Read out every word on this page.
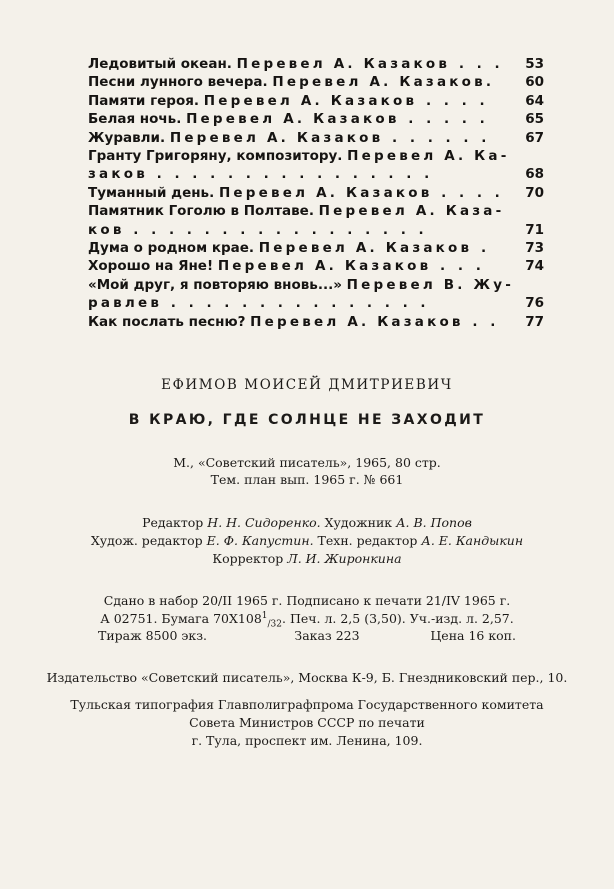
Ледовитый океан. Перевел А. Казаков . . .	53
Песни лунного вечера. Перевел А. Казаков.	60
Памяти героя. Перевел А. Казаков . . . .	64
Белая ночь. Перевел А. Казаков . . . . .	65
Журавли. Перевел А. Казаков . . . . . .	67
Гранту Григоряну, композитору. Перевел А. Ка-
заков . . . . . . . . . . . . . . . .	68
Туманный день. Перевел А. Казаков . . . .	70
Памятник Гоголю в Полтаве. Перевел А. Каза-
ков . . . . . . . . . . . . . . . . .	71
Дума о родном крае. Перевел А. Казаков .	73
Хорошо на Яне! Перевел А. Казаков . . .	74
«Мой друг, я повторяю вновь...» Перевел В. Жу-
равлев . . . . . . . . . . . . . . .	76
Как послать песню? Перевел А. Казаков . .	77
ЕФИМОВ МОИСЕЙ ДМИТРИЕВИЧ
В КРАЮ, ГДЕ СОЛНЦЕ НЕ ЗАХОДИТ
М., «Советский писатель», 1965, 80 стр.
Тем. план вып. 1965 г. № 661
Редактор Н. Н. Сидоренко. Художник А. В. Попов
Худож. редактор Е. Ф. Капустин. Техн. редактор А. Е. Кандыкин
Корректор Л. И. Жиронкина
Сдано в набор 20/II 1965 г. Подписано к печати 21/IV 1965 г.
А 02751. Бумага $70Х108^1_{/32}$. Печ. л. 2,5 (3,50). Уч.-изд. л. 2,57.
Тираж 8500 экз.	Заказ 223	Цена 16 коп.
Издательство «Советский писатель», Москва К-9, Б. Гнездниковский пер., 10.
Тульская типография Главполиграфпрома Государственного комитета
Совета Министров СССР по печати
г. Тула, проспект им. Ленина, 109.
